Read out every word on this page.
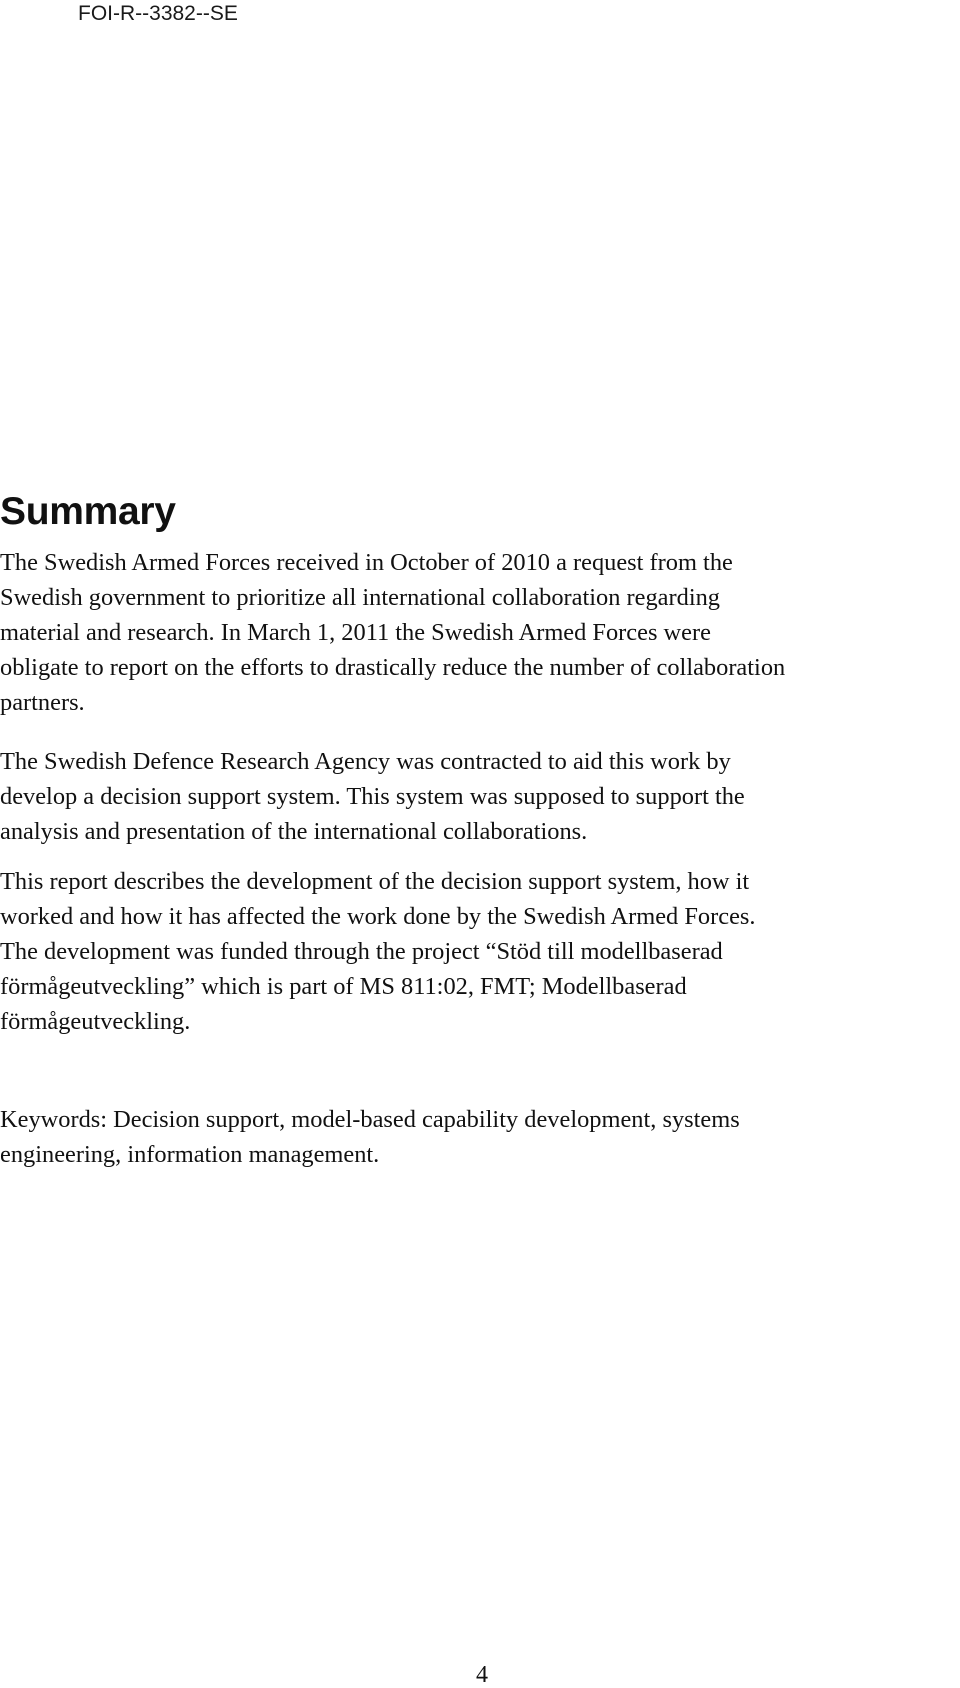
FOI-R--3382--SE
Summary

The Swedish Armed Forces received in October of 2010 a request from the
Swedish government to prioritize all international collaboration regarding
material and research. In March 1, 2011 the Swedish Armed Forces were
obligate to report on the efforts to drastically reduce the number of collaboration
partners.

The Swedish Defence Research Agency was contracted to aid this work by
develop a decision support system. This system was supposed to support the
analysis and presentation of the international collaborations.

This report describes the development of the decision support system, how it
worked and how it has affected the work done by the Swedish Armed Forces.
The development was funded through the project “Stöd till modellbaserad
förmågeutveckling” which is part of MS 811:02, FMT; Modellbaserad
förmågeutveckling.

Keywords: Decision support, model-based capability development, systems
engineering, information management.

4
